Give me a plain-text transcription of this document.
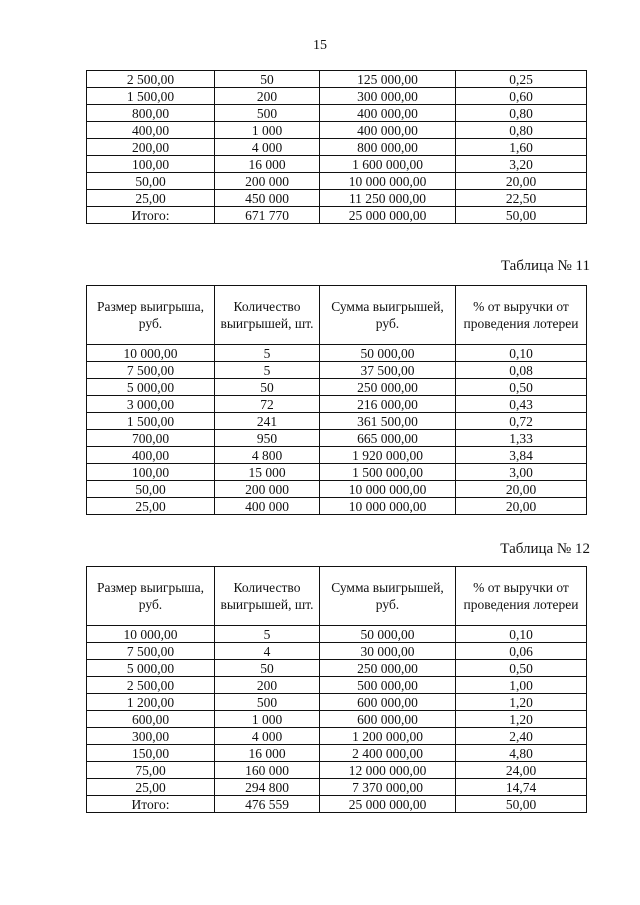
15
2 500,00	50	125 000,00	0,25
1 500,00	200	300 000,00	0,60
800,00	500	400 000,00	0,80
400,00	1 000	400 000,00	0,80
200,00	4 000	800 000,00	1,60
100,00	16 000	1 600 000,00	3,20
50,00	200 000	10 000 000,00	20,00
25,00	450 000	11 250 000,00	22,50
Итого:	671 770	25 000 000,00	50,00
Таблица № 11
Размер выигрыша, руб.	Количество выигрышей, шт.	Сумма выигрышей, руб.	% от выручки от проведения лотереи
10 000,00	5	50 000,00	0,10
7 500,00	5	37 500,00	0,08
5 000,00	50	250 000,00	0,50
3 000,00	72	216 000,00	0,43
1 500,00	241	361 500,00	0,72
700,00	950	665 000,00	1,33
400,00	4 800	1 920 000,00	3,84
100,00	15 000	1 500 000,00	3,00
50,00	200 000	10 000 000,00	20,00
25,00	400 000	10 000 000,00	20,00
Таблица № 12
Размер выигрыша, руб.	Количество выигрышей, шт.	Сумма выигрышей, руб.	% от выручки от проведения лотереи
10 000,00	5	50 000,00	0,10
7 500,00	4	30 000,00	0,06
5 000,00	50	250 000,00	0,50
2 500,00	200	500 000,00	1,00
1 200,00	500	600 000,00	1,20
600,00	1 000	600 000,00	1,20
300,00	4 000	1 200 000,00	2,40
150,00	16 000	2 400 000,00	4,80
75,00	160 000	12 000 000,00	24,00
25,00	294 800	7 370 000,00	14,74
Итого:	476 559	25 000 000,00	50,00
